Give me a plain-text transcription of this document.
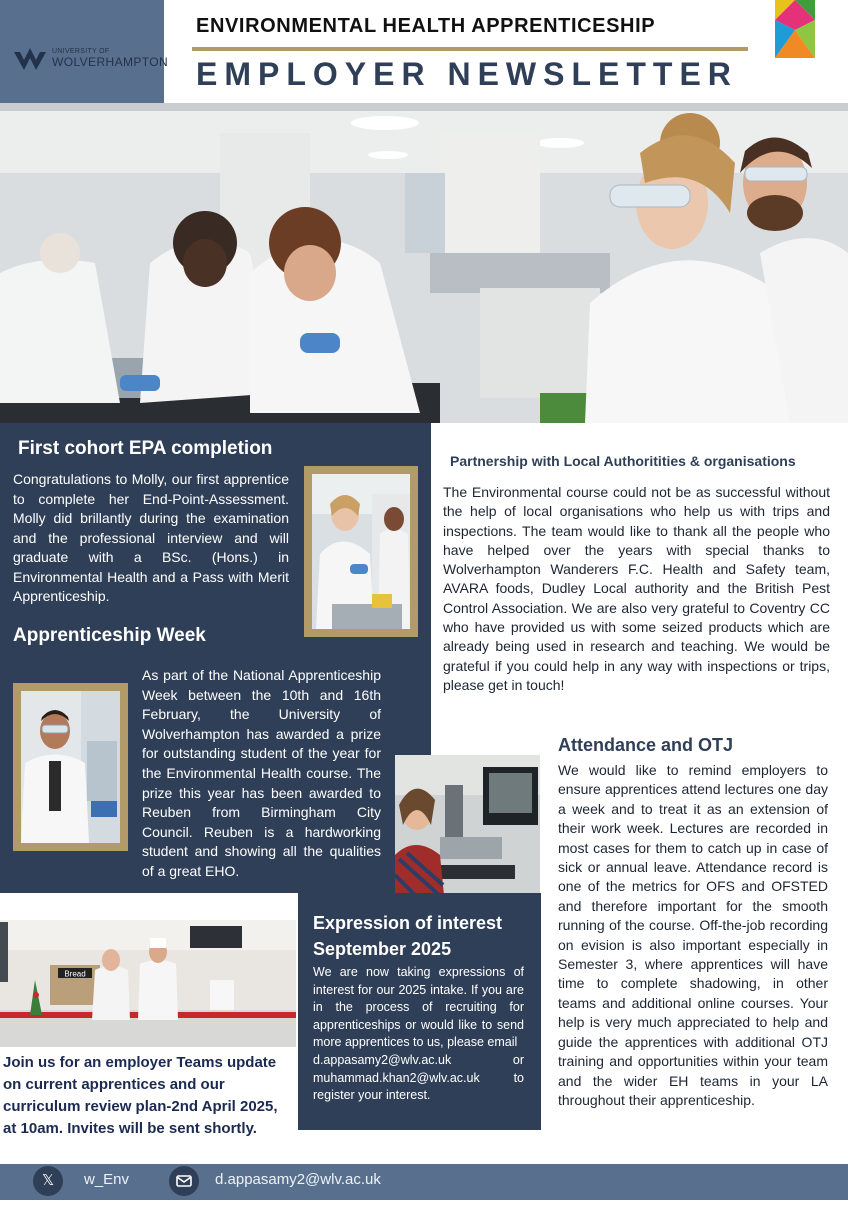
UNIVERSITY OF
WOLVERHAMPTON
ENVIRONMENTAL HEALTH APPRENTICESHIP
EMPLOYER NEWSLETTER
First cohort EPA completion
Congratulations to Molly, our first apprentice to complete her End-Point-Assessment. Molly did brillantly during the examination and the professional interview and will graduate with a BSc. (Hons.) in Environmental Health and a Pass with Merit Apprenticeship.
Apprenticeship Week
As part of the National Apprenticeship Week between the 10th and 16th February, the University of Wolverhampton has awarded a prize for outstanding student of the year for the Environmental Health course. The prize this year has been awarded to Reuben from Birmingham City Council. Reuben is a hardworking student and showing all the qualities of a great EHO.
Partnership with Local Authoritities & organisations
The Environmental course could not be as successful without the help of local organisations who help us with trips and inspections. The team would like to thank all the people who have helped over the years with special thanks to Wolverhampton Wanderers F.C. Health and Safety team, AVARA foods, Dudley Local authority and the British Pest Control Association. We are also very grateful to Coventry CC who have provided us with some seized products which are already being used in research and teaching. We would be grateful if you could help in any way with inspections or trips, please get in touch!
Attendance and OTJ
We would like to remind employers to ensure apprentices attend lectures one day a week and to treat it as an extension of their work week. Lectures are recorded in most cases for them to catch up in case of sick or annual leave. Attendance record is one of the metrics for OFS and OFSTED and therefore important for the smooth running of the course. Off-the-job recording on evision is also important especially in Semester 3, where apprentices will have time to complete shadowing, in other teams and additional online courses. Your help is very much appreciated to help and guide the apprentices with additional OTJ training and opportunities within your team and the wider EH teams in your LA throughout their apprenticeship.
Expression of interest September 2025
We are now taking expressions of interest for our 2025 intake. If you are in the process of recruiting for apprenticeships or would like to send more apprentices to us, please email
d.appasamy2@wlv.ac.uk	or
muhammad.khan2@wlv.ac.uk	to register your interest.
Bread
Join us for an employer Teams update on current apprentices and our curriculum review plan-2nd April 2025, at 10am. Invites will be sent shortly.
𝕏	w_Env	d.appasamy2@wlv.ac.uk
